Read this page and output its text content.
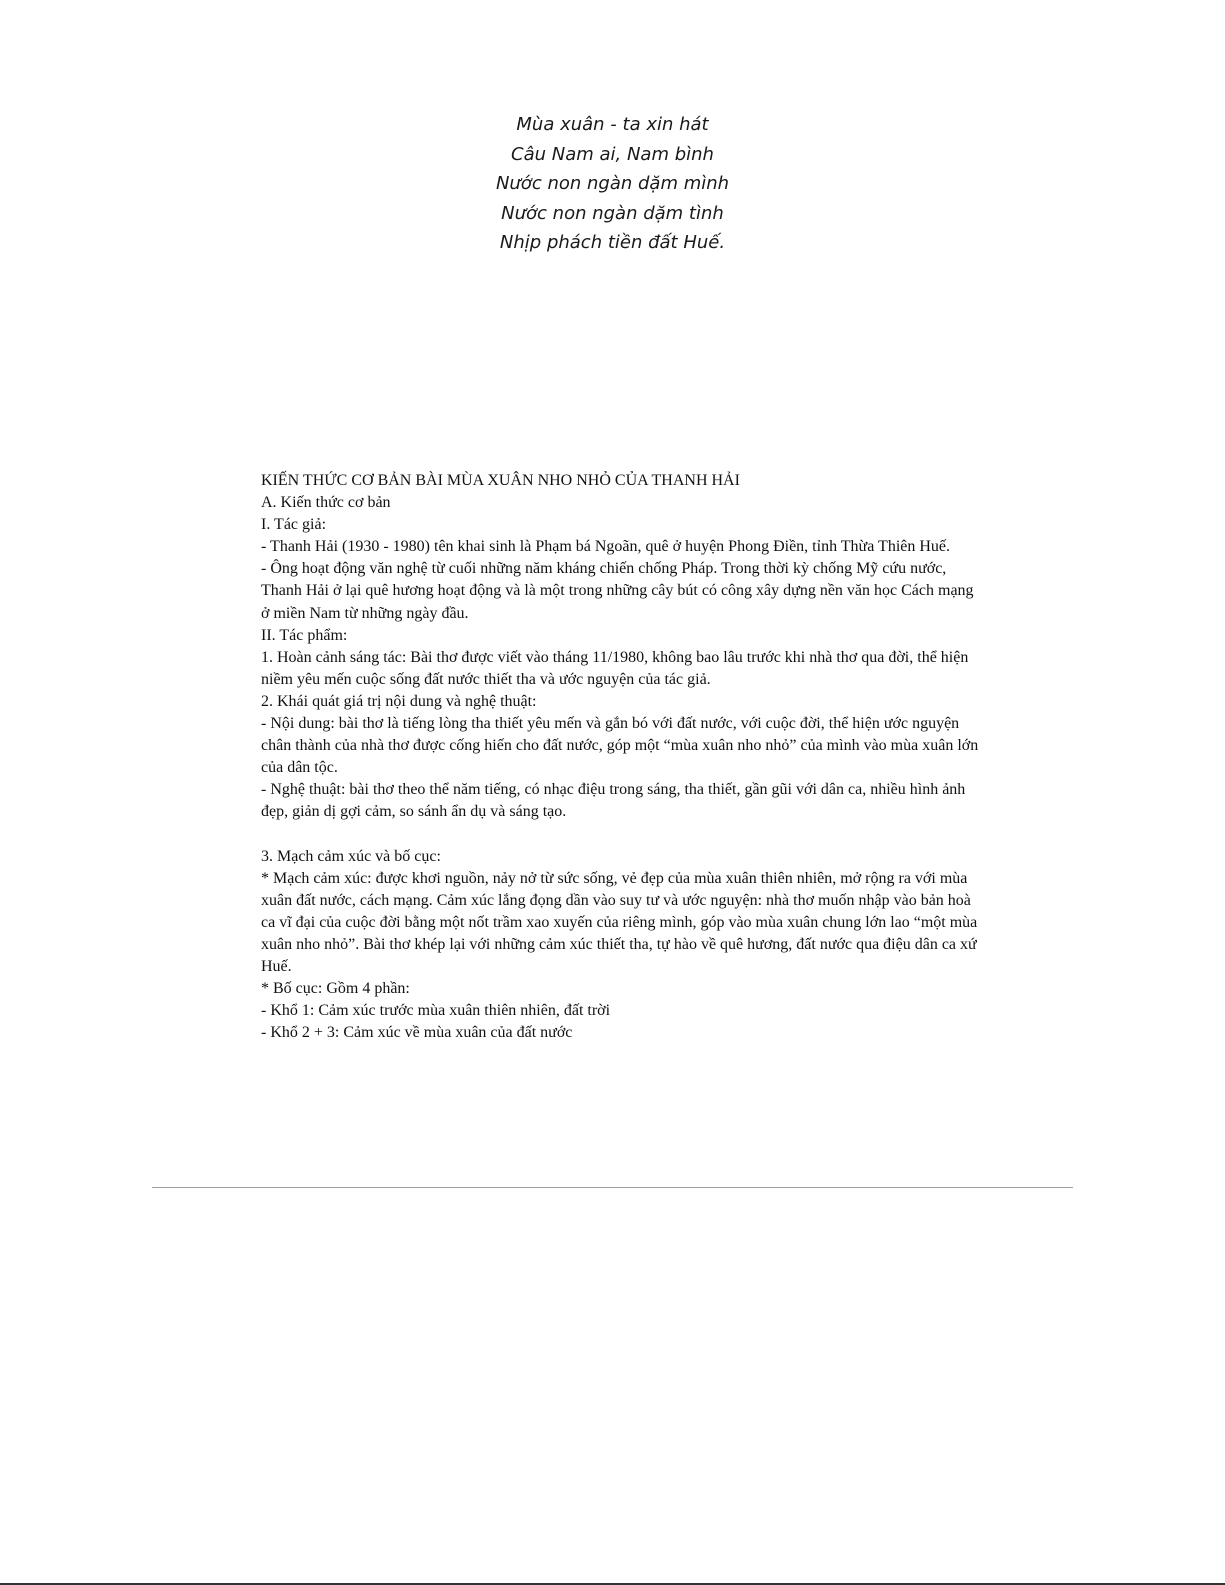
Mùa xuân - ta xin hát
Câu Nam ai, Nam bình
Nước non ngàn dặm mình
Nước non ngàn dặm tình
Nhịp phách tiền đất Huế.

KIẾN THỨC CƠ BẢN BÀI MÙA XUÂN NHO NHỎ CỦA THANH HẢI

A. Kiến thức cơ bản

I. Tác giả:

- Thanh Hải (1930 - 1980) tên khai sinh là Phạm bá Ngoãn, quê ở huyện Phong Điền, tỉnh Thừa Thiên Huế.

- Ông hoạt động văn nghệ từ cuối những năm kháng chiến chống Pháp. Trong thời kỳ chống Mỹ cứu nước, Thanh Hải ở lại quê hương hoạt động và là một trong những cây bút có công xây dựng nền văn học Cách mạng ở miền Nam từ những ngày đầu.

II. Tác phẩm:

1. Hoàn cảnh sáng tác: Bài thơ được viết vào tháng 11/1980, không bao lâu trước khi nhà thơ qua đời, thể hiện niềm yêu mến cuộc sống đất nước thiết tha và ước nguyện của tác giả.

2. Khái quát giá trị nội dung và nghệ thuật:

- Nội dung: bài thơ là tiếng lòng tha thiết yêu mến và gắn bó với đất nước, với cuộc đời, thể hiện ước nguyện chân thành của nhà thơ được cống hiến cho đất nước, góp một “mùa xuân nho nhỏ” của mình vào mùa xuân lớn của dân tộc.

- Nghệ thuật: bài thơ theo thể năm tiếng, có nhạc điệu trong sáng, tha thiết, gần gũi với dân ca, nhiều hình ảnh đẹp, giản dị gợi cảm, so sánh ẩn dụ và sáng tạo.

3. Mạch cảm xúc và bố cục:

* Mạch cảm xúc: được khơi nguồn, nảy nở từ sức sống, vẻ đẹp của mùa xuân thiên nhiên, mở rộng ra với mùa xuân đất nước, cách mạng. Cảm xúc lắng đọng dần vào suy tư và ước nguyện: nhà thơ muốn nhập vào bản hoà ca vĩ đại của cuộc đời bằng một nốt trầm xao xuyến của riêng mình, góp vào mùa xuân chung lớn lao “một mùa xuân nho nhỏ”. Bài thơ khép lại với những cảm xúc thiết tha, tự hào về quê hương, đất nước qua điệu dân ca xứ Huế.

* Bố cục: Gồm 4 phần:

- Khổ 1: Cảm xúc trước mùa xuân thiên nhiên, đất trời

- Khổ 2 + 3: Cảm xúc về mùa xuân của đất nước
